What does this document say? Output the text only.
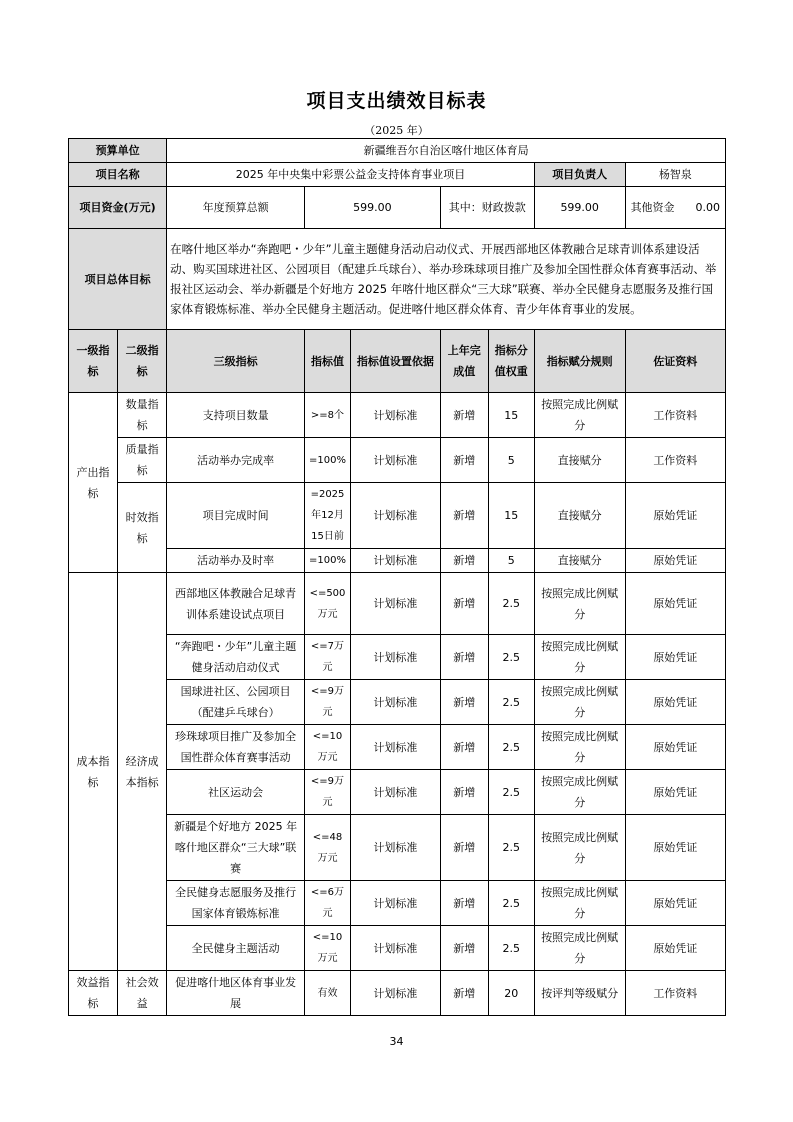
项目支出绩效目标表
（2025 年）
预算单位		新疆维吾尔自治区喀什地区体育局						
项目名称		2025 年中央集中彩票公益金支持体育事业项目					项目负责人	杨智泉
项目资金(万元)		年度预算总额	599.00		其中：财政拨款		599.00	其他资金 0.00
项目总体目标		在喀什地区举办“奔跑吧・少年”儿童主题健身活动启动仪式、开展西部地区体教融合足球青训体系建设活动、购买国球进社区、公园项目（配建乒乓球台）、举办珍珠球项目推广及参加全国性群众体育赛事活动、举报社区运动会、举办新疆是个好地方 2025 年喀什地区群众“三大球”联赛、举办全民健身志愿服务及推行国家体育锻炼标准、举办全民健身主题活动。促进喀什地区群众体育、青少年体育事业的发展。						
一级指标	二级指标	三级指标	指标值	指标值设置依据	上年完成值	指标分值权重	指标赋分规则	佐证资料
产出指标	数量指标	支持项目数量	>=8个	计划标准	新增	15	按照完成比例赋分	工作资料
	质量指标	活动举办完成率	=100%	计划标准	新增	5	直接赋分	工作资料
	时效指标	项目完成时间	=2025年12月15日前	计划标准	新增	15	直接赋分	原始凭证
		活动举办及时率	=100%	计划标准	新增	5	直接赋分	原始凭证
成本指标	经济成本指标	西部地区体教融合足球青训体系建设试点项目	<=500万元	计划标准	新增	2.5	按照完成比例赋分	原始凭证
		“奔跑吧・少年”儿童主题健身活动启动仪式	<=7万元	计划标准	新增	2.5	按照完成比例赋分	原始凭证
		国球进社区、公园项目（配建乒乓球台）	<=9万元	计划标准	新增	2.5	按照完成比例赋分	原始凭证
		珍珠球项目推广及参加全国性群众体育赛事活动	<=10万元	计划标准	新增	2.5	按照完成比例赋分	原始凭证
		社区运动会	<=9万元	计划标准	新增	2.5	按照完成比例赋分	原始凭证
		新疆是个好地方 2025 年喀什地区群众“三大球”联赛	<=48万元	计划标准	新增	2.5	按照完成比例赋分	原始凭证
		全民健身志愿服务及推行国家体育锻炼标准	<=6万元	计划标准	新增	2.5	按照完成比例赋分	原始凭证
		全民健身主题活动	<=10万元	计划标准	新增	2.5	按照完成比例赋分	原始凭证
效益指标	社会效益	促进喀什地区体育事业发展	有效	计划标准	新增	20	按评判等级赋分	工作资料
34
